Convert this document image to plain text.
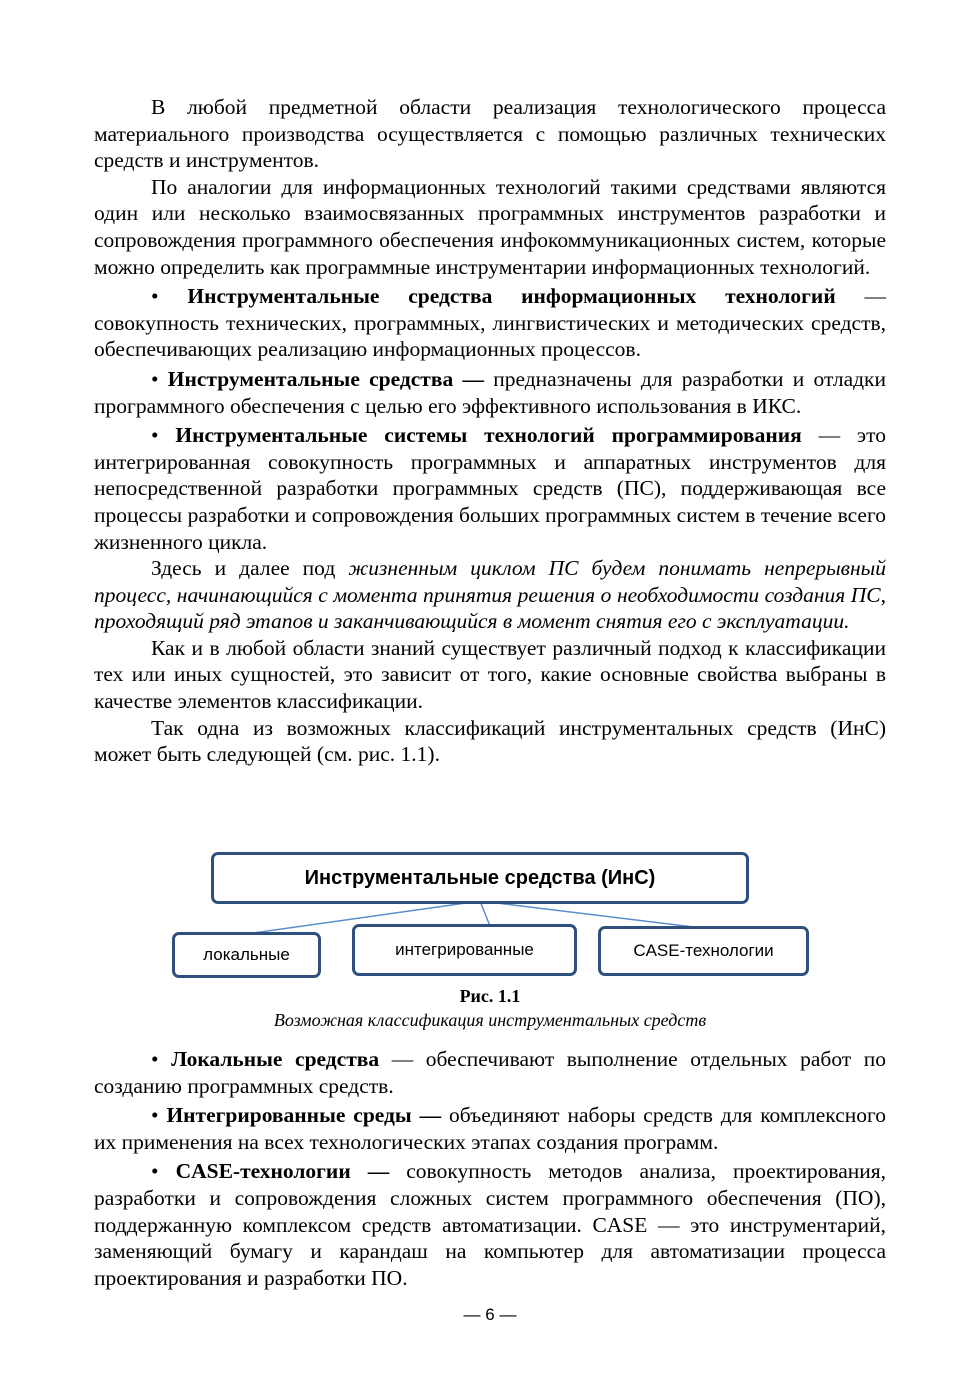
В любой предметной области реализация технологического процесса материального производства осуществляется с помощью различных технических средств и инструментов.

По аналогии для информационных технологий такими средствами являются один или несколько взаимосвязанных программных инструментов разработки и сопровождения программного обеспечения инфокоммуникационных систем, которые можно определить как программные инструментарии информационных технологий.

• Инструментальные средства информационных технологий — совокупность технических, программных, лингвистических и методических средств, обеспечивающих реализацию информационных процессов.

• Инструментальные средства — предназначены для разработки и отладки программного обеспечения с целью его эффективного использования в ИКС.

• Инструментальные системы технологий программирования — это интегрированная совокупность программных и аппаратных инструментов для непосредственной разработки программных средств (ПС), поддерживающая все процессы разработки и сопровождения больших программных систем в течение всего жизненного цикла.

Здесь и далее под жизненным циклом ПС будем понимать непрерывный процесс, начинающийся с момента принятия решения о необходимости создания ПС, проходящий ряд этапов и заканчивающийся в момент снятия его с эксплуатации.

Как и в любой области знаний существует различный подход к классификации тех или иных сущностей, это зависит от того, какие основные свойства выбраны в качестве элементов классификации.

Так одна из возможных классификаций инструментальных средств (ИнС) может быть следующей (см. рис. 1.1).

Инструментальные средства (ИнС)
локальные	интегрированные	CASE-технологии
Рис. 1.1
Возможная классификация инструментальных средств

• Локальные средства — обеспечивают выполнение отдельных работ по созданию программных средств.

• Интегрированные среды — объединяют наборы средств для комплексного их применения на всех технологических этапах создания программ.

• CASE-технологии — совокупность методов анализа, проектирования, разработки и сопровождения сложных систем программного обеспечения (ПО), поддержанную комплексом средств автоматизации. CASE — это инструментарий, заменяющий бумагу и карандаш на компьютер для автоматизации процесса проектирования и разработки ПО.

— 6 —
